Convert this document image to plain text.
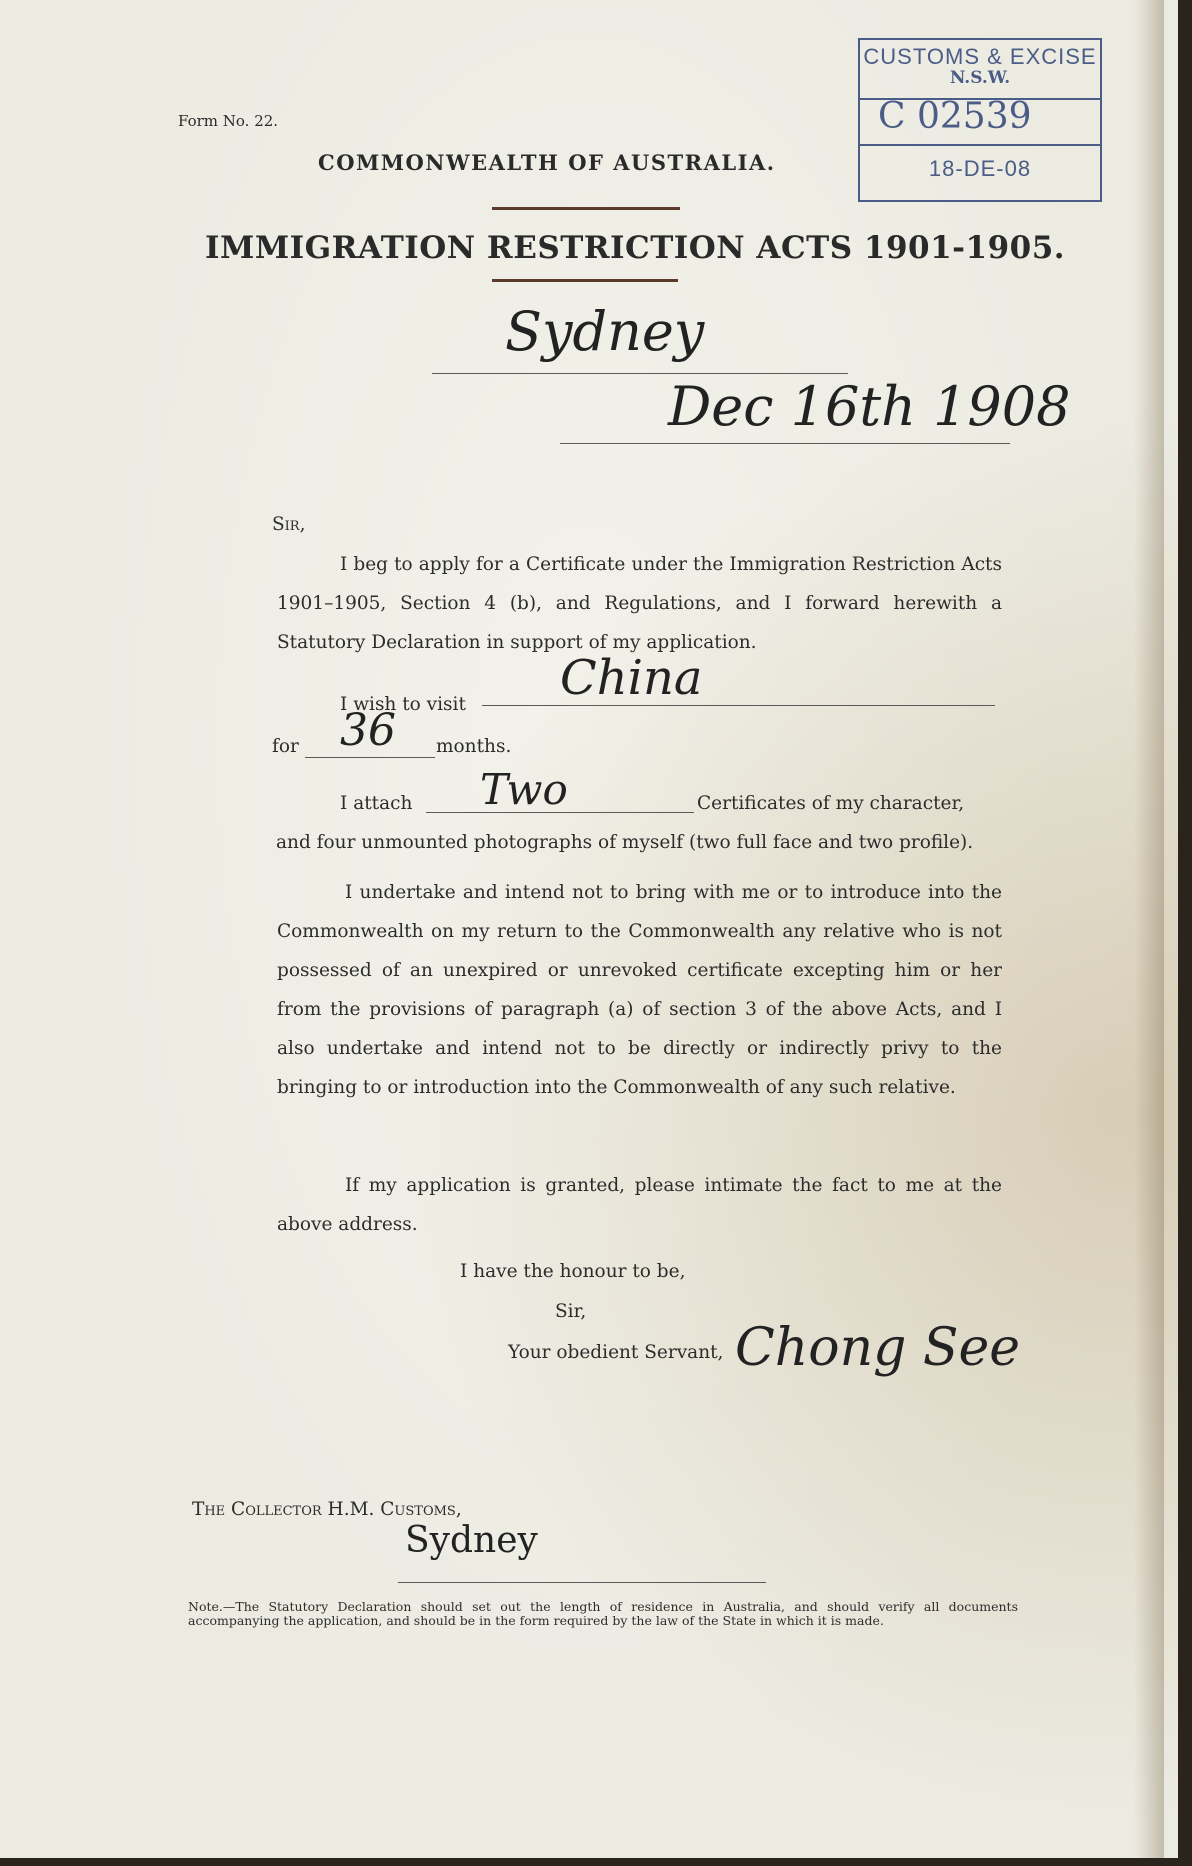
Form No. 22.
COMMONWEALTH OF AUSTRALIA.
IMMIGRATION RESTRICTION ACTS 1901-1905.
CUSTOMS & EXCISE
N.S.W.
C 02539
18-DE-08
Sydney
Dec 16th 1908
Sir,
I beg to apply for a Certificate under the Immigration Restriction Acts 1901–1905, Section 4 (b), and Regulations, and I forward herewith a Statutory Declaration in support of my application.
I wish to visit China
for 36 months.
I attach Two	Certificates of my character,
and four unmounted photographs of myself (two full face and two profile).
I undertake and intend not to bring with me or to introduce into the Commonwealth on my return to the Commonwealth any relative who is not possessed of an unexpired or unrevoked certificate excepting him or her from the provisions of paragraph (a) of section 3 of the above Acts, and I also undertake and intend not to be directly or indirectly privy to the bringing to or introduction into the Commonwealth of any such relative.
If my application is granted, please intimate the fact to me at the above address.
I have the honour to be,
Sir,
Your obedient Servant, Chong See
The Collector H.M. Customs,
Sydney
Note.—The Statutory Declaration should set out the length of residence in Australia, and should verify all documents accompanying the application, and should be in the form required by the law of the State in which it is made.
